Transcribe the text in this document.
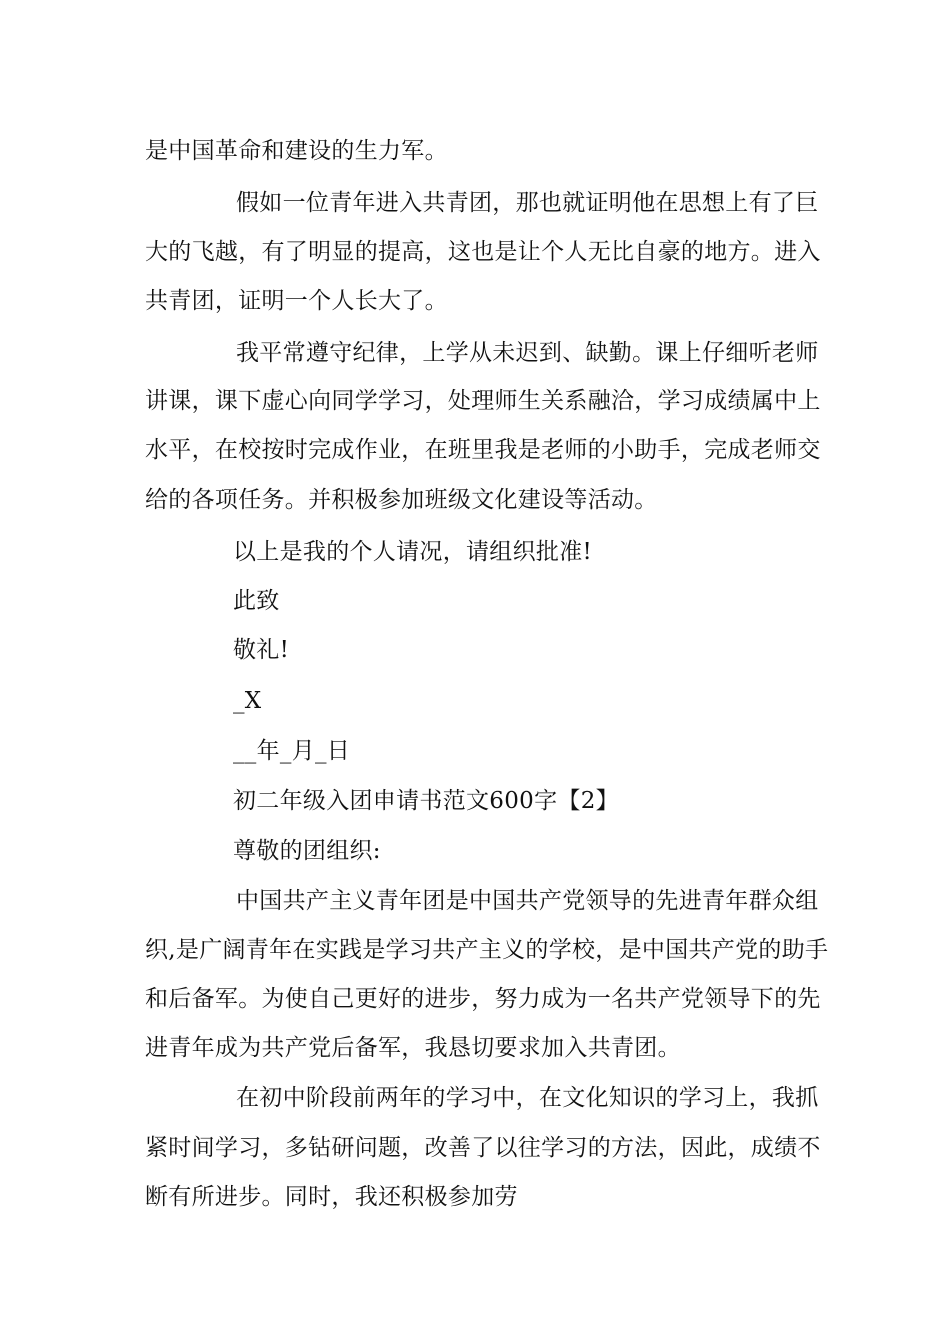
是中国革命和建设的生力军。
假如一位青年进入共青团，那也就证明他在思想上有了巨
大的飞越，有了明显的提高，这也是让个人无比自豪的地方。进入
共青团，证明一个人长大了。
我平常遵守纪律，上学从未迟到、缺勤。课上仔细听老师
讲课，课下虚心向同学学习，处理师生关系融洽，学习成绩属中上
水平，在校按时完成作业，在班里我是老师的小助手，完成老师交
给的各项任务。并积极参加班级文化建设等活动。
以上是我的个人请况，请组织批准!
此致
敬礼!
_X
__年_月_日
初二年级入团申请书范文600字【2】
尊敬的团组织:
中国共产主义青年团是中国共产党领导的先进青年群众组
织,是广阔青年在实践是学习共产主义的学校，是中国共产党的助手
和后备军。为使自己更好的进步，努力成为一名共产党领导下的先
进青年成为共产党后备军，我恳切要求加入共青团。
在初中阶段前两年的学习中，在文化知识的学习上，我抓
紧时间学习，多钻研问题，改善了以往学习的方法，因此，成绩不
断有所进步。同时，我还积极参加劳
